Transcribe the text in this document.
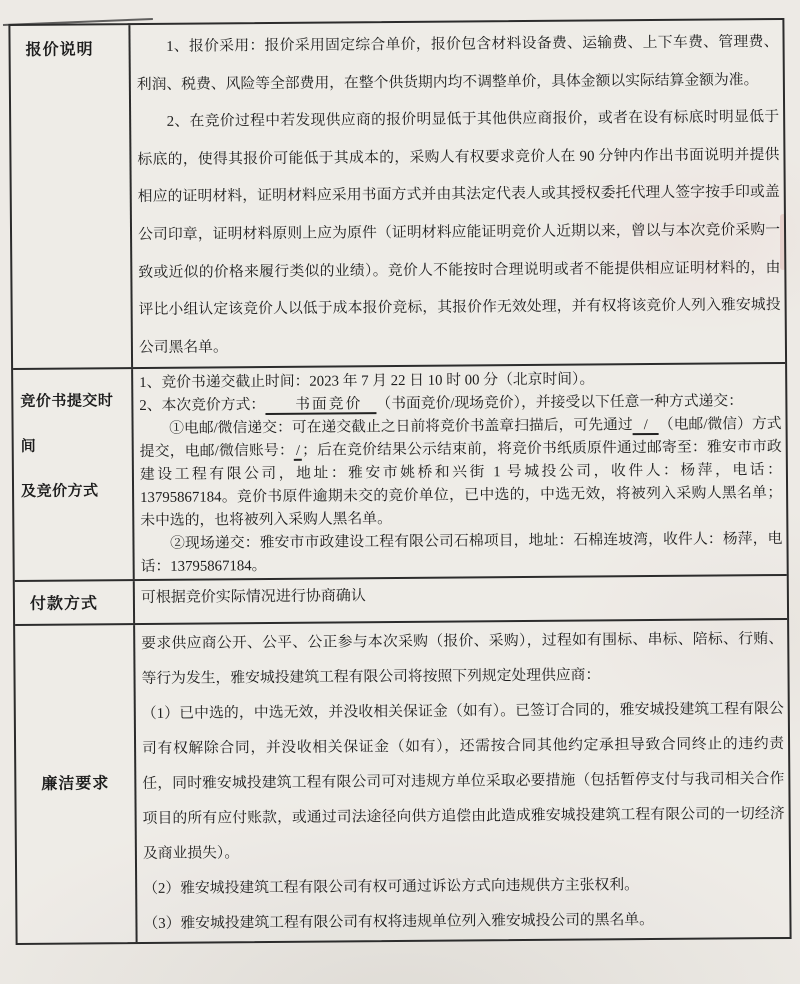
报价说明	1、报价采用：报价采用固定综合单价，报价包含材料设备费、运输费、上下车费、管理费、利润、税费、风险等全部费用，在整个供货期内均不调整单价，具体金额以实际结算金额为准。

2、在竞价过程中若发现供应商的报价明显低于其他供应商报价，或者在设有标底时明显低于标底的，使得其报价可能低于其成本的，采购人有权要求竞价人在 90 分钟内作出书面说明并提供相应的证明材料，证明材料应采用书面方式并由其法定代表人或其授权委托代理人签字按手印或盖公司印章，证明材料原则上应为原件（证明材料应能证明竞价人近期以来，曾以与本次竞价采购一致或近似的价格来履行类似的业绩）。竞价人不能按时合理说明或者不能提供相应证明材料的，由评比小组认定该竞价人以低于成本报价竞标，其报价作无效处理，并有权将该竞价人列入雅安城投公司黑名单。

竞价书提交时间
及竞价方式

1、竞价书递交截止时间：2023 年 7 月 22 日 10 时 00 分（北京时间）。

2、本次竞价方式： 书面竞价 （书面竞价/现场竞价），并接受以下任意一种方式递交：

①电邮/微信递交：可在递交截止之日前将竞价书盖章扫描后，可先通过 / （电邮/微信）方式提交，电邮/微信账号： / ；后在竞价结果公示结束前，将竞价书纸质原件通过邮寄至：雅安市市政建设工程有限公司，地址：雅安市姚桥和兴街 1 号城投公司，收件人：杨萍，电话：13795867184。竞价书原件逾期未交的竞价单位，已中选的，中选无效，将被列入采购人黑名单；未中选的，也将被列入采购人黑名单。

②现场递交：雅安市市政建设工程有限公司石棉项目，地址：石棉连坡湾，收件人：杨萍，电话：13795867184。

付款方式	可根据竞价实际情况进行协商确认

廉洁要求

要求供应商公开、公平、公正参与本次采购（报价、采购），过程如有围标、串标、陪标、行贿、等行为发生，雅安城投建筑工程有限公司将按照下列规定处理供应商：

（1）已中选的，中选无效，并没收相关保证金（如有）。已签订合同的，雅安城投建筑工程有限公司有权解除合同，并没收相关保证金（如有），还需按合同其他约定承担导致合同终止的违约责任，同时雅安城投建筑工程有限公司可对违规方单位采取必要措施（包括暂停支付与我司相关合作项目的所有应付账款，或通过司法途径向供方追偿由此造成雅安城投建筑工程有限公司的一切经济及商业损失）。

（2）雅安城投建筑工程有限公司有权可通过诉讼方式向违规供方主张权利。

（3）雅安城投建筑工程有限公司有权将违规单位列入雅安城投公司的黑名单。
